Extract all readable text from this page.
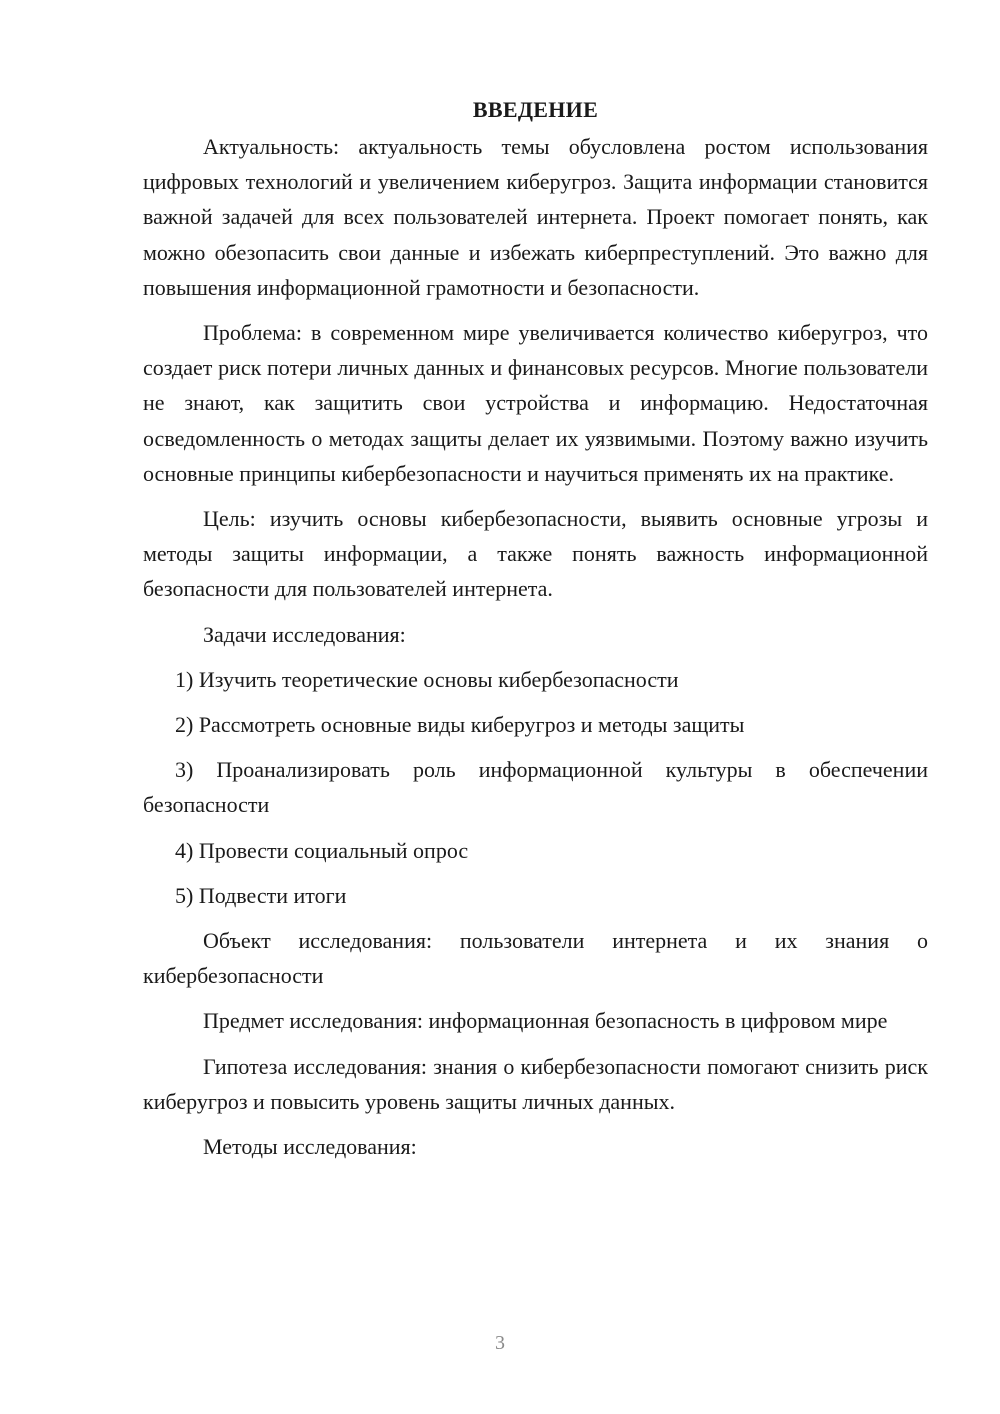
ВВЕДЕНИЕ

Актуальность: актуальность темы обусловлена ростом использования цифровых технологий и увеличением киберугроз. Защита информации становится важной задачей для всех пользователей интернета. Проект помогает понять, как можно обезопасить свои данные и избежать киберпреступлений. Это важно для повышения информационной грамотности и безопасности.

Проблема: в современном мире увеличивается количество киберугроз, что создает риск потери личных данных и финансовых ресурсов. Многие пользователи не знают, как защитить свои устройства и информацию. Недостаточная осведомленность о методах защиты делает их уязвимыми. Поэтому важно изучить основные принципы кибербезопасности и научиться применять их на практике.

Цель: изучить основы кибербезопасности, выявить основные угрозы и методы защиты информации, а также понять важность информационной безопасности для пользователей интернета.

Задачи исследования:

1) Изучить теоретические основы кибербезопасности

2) Рассмотреть основные виды киберугроз и методы защиты

3) Проанализировать роль информационной культуры в обеспечении безопасности

4) Провести социальный опрос

5) Подвести итоги

Объект исследования: пользователи интернета и их знания о кибербезопасности

Предмет исследования: информационная безопасность в цифровом мире

Гипотеза исследования: знания о кибербезопасности помогают снизить риск киберугроз и повысить уровень защиты личных данных.

Методы исследования:

3
